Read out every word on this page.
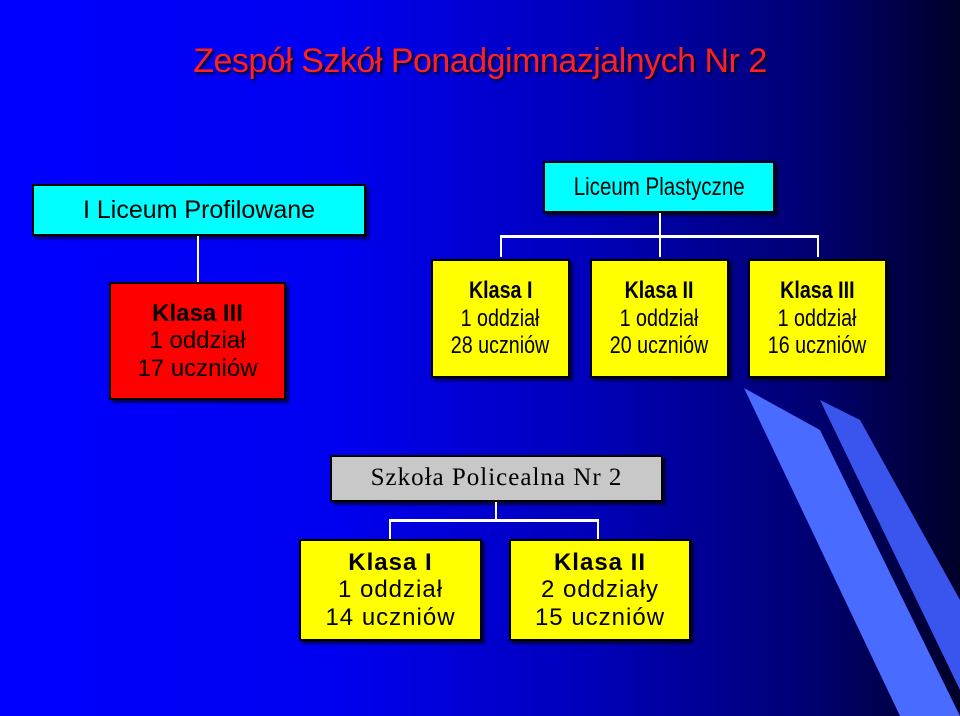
Zespół Szkół Ponadgimnazjalnych Nr 2
I Liceum Profilowane
Klasa III
1 oddział
17 uczniów
Liceum Plastyczne
Klasa I
1 oddział
28 uczniów
Klasa II
1 oddział
20 uczniów
Klasa III
1 oddział
16 uczniów
Szkoła Policealna Nr 2
Klasa I
1 oddział
14 uczniów
Klasa II
2 oddziały
15 uczniów
